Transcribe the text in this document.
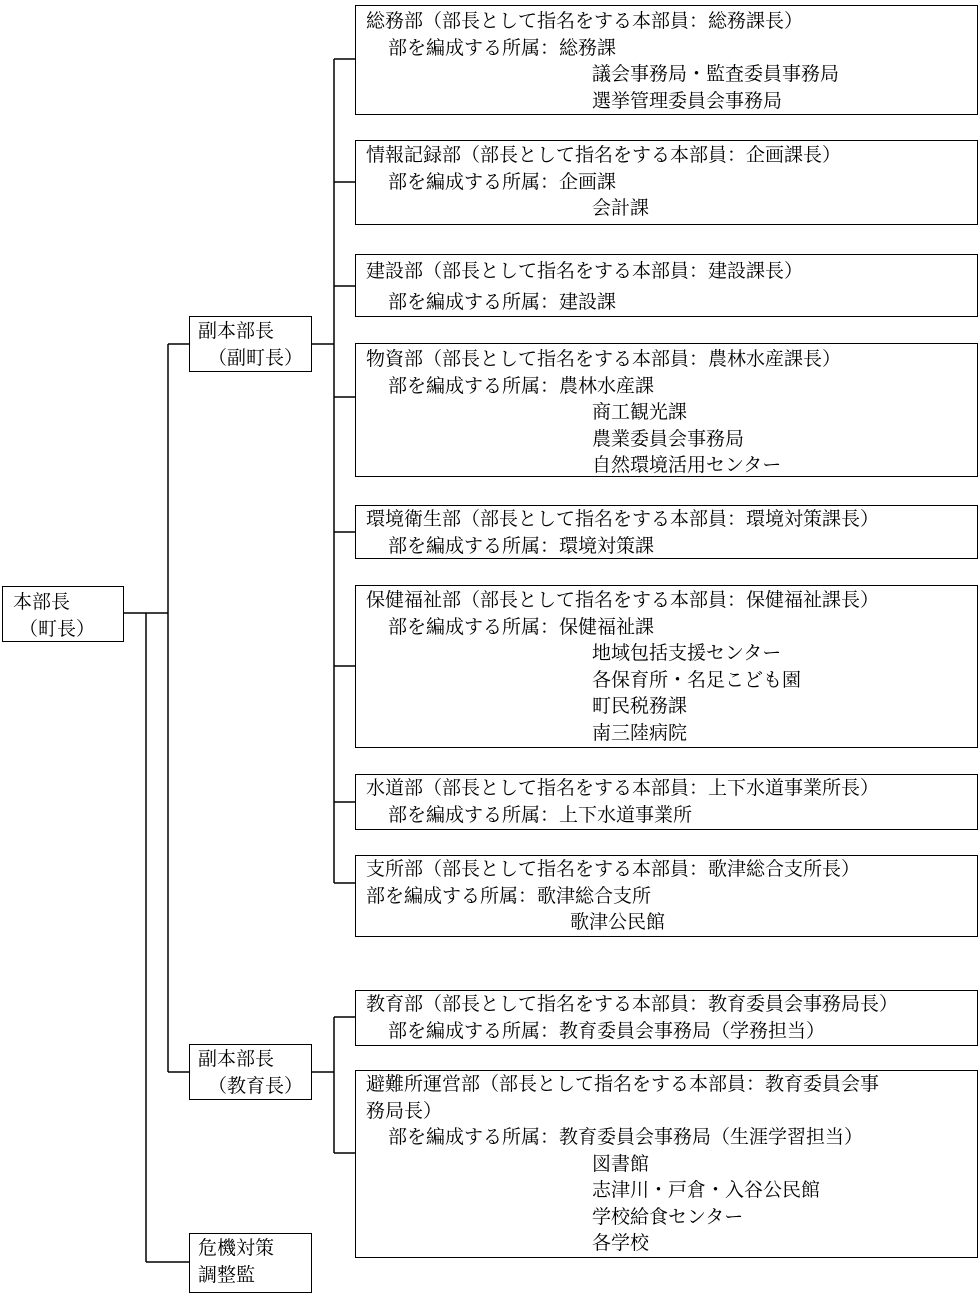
本部長
（町長）
副本部長
（副町長）
副本部長
（教育長）
危機対策
調整監
総務部（部長として指名をする本部員：総務課長）
部を編成する所属：総務課
議会事務局・監査委員事務局
選挙管理委員会事務局
情報記録部（部長として指名をする本部員：企画課長）
部を編成する所属：企画課
会計課
建設部（部長として指名をする本部員：建設課長）
部を編成する所属：建設課
物資部（部長として指名をする本部員：農林水産課長）
部を編成する所属：農林水産課
商工観光課
農業委員会事務局
自然環境活用センター
環境衛生部（部長として指名をする本部員：環境対策課長）
部を編成する所属：環境対策課
保健福祉部（部長として指名をする本部員：保健福祉課長）
部を編成する所属：保健福祉課
地域包括支援センター
各保育所・名足こども園
町民税務課
南三陸病院
水道部（部長として指名をする本部員：上下水道事業所長）
部を編成する所属：上下水道事業所
支所部（部長として指名をする本部員：歌津総合支所長）
部を編成する所属：歌津総合支所
歌津公民館
教育部（部長として指名をする本部員：教育委員会事務局長）
部を編成する所属：教育委員会事務局（学務担当）
避難所運営部（部長として指名をする本部員：教育委員会事
務局長）
部を編成する所属：教育委員会事務局（生涯学習担当）
図書館
志津川・戸倉・入谷公民館
学校給食センター
各学校
